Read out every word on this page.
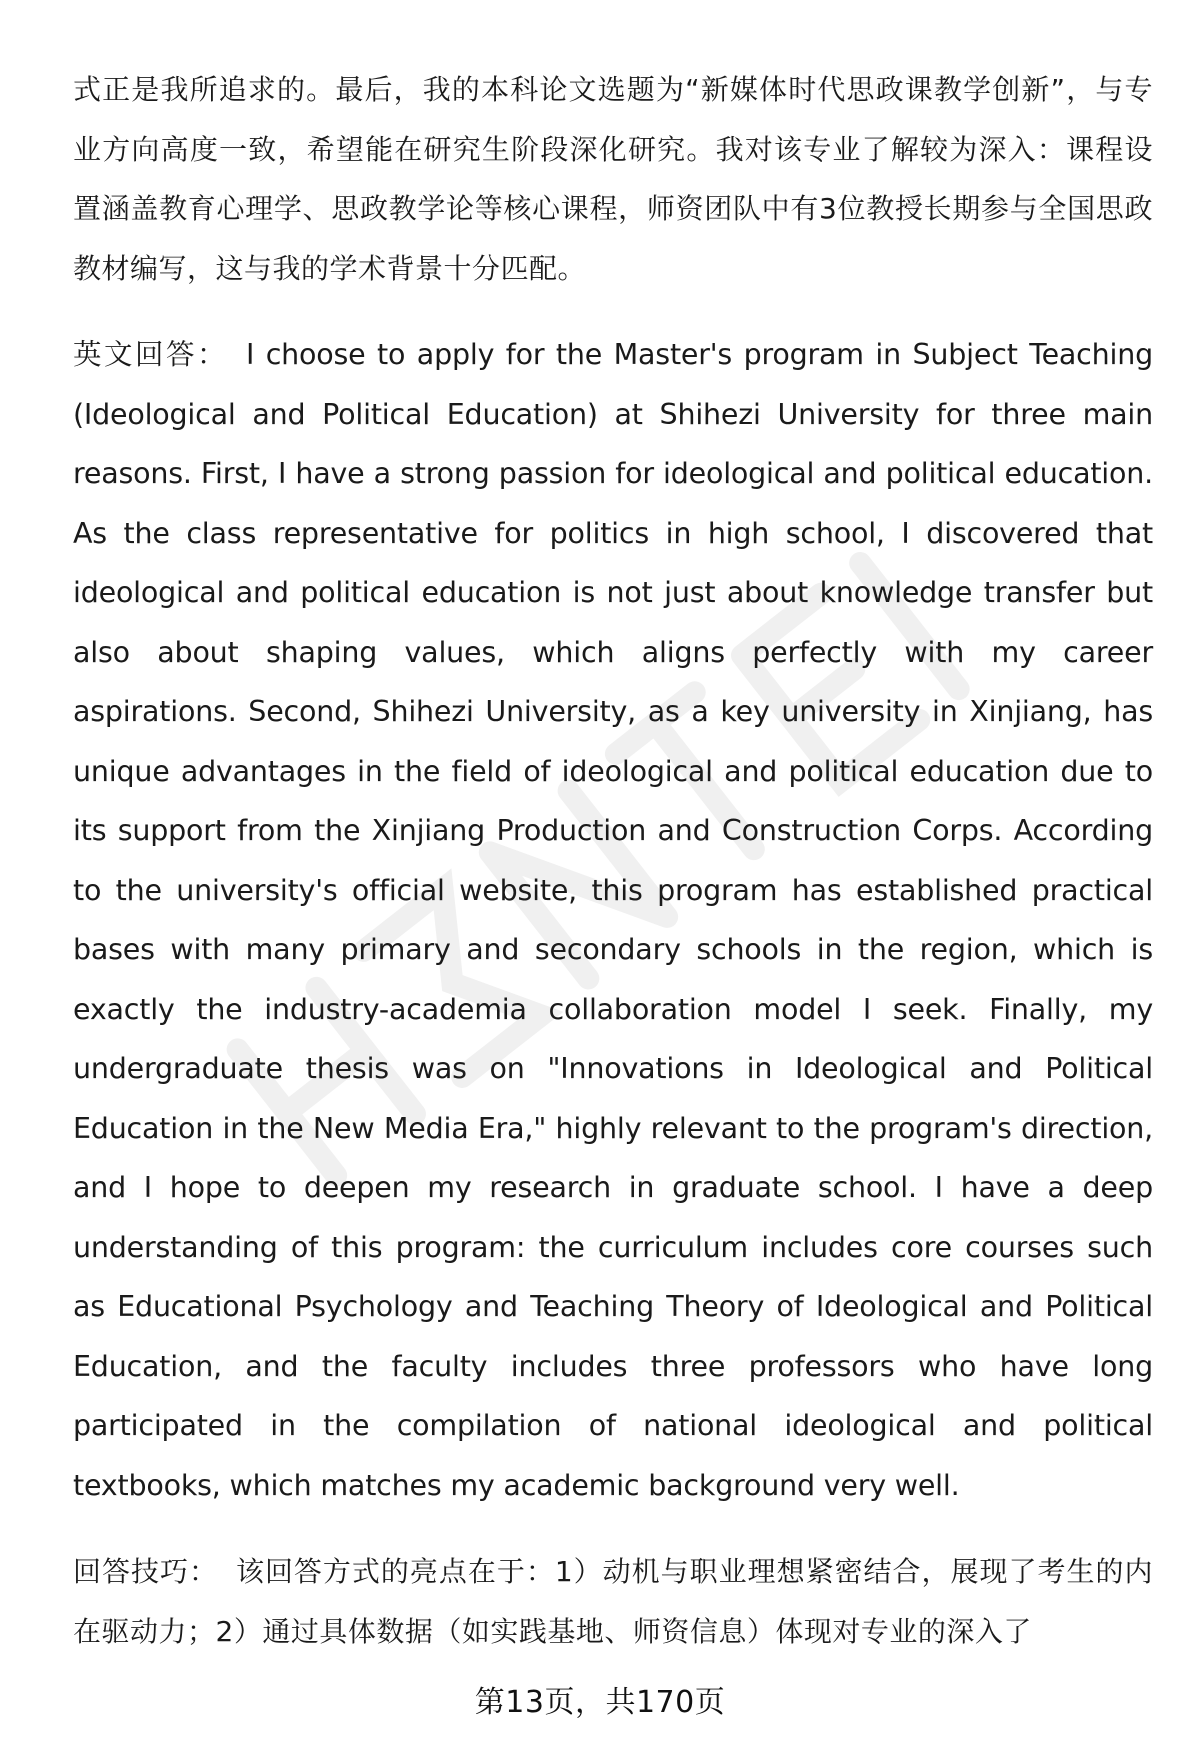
式正是我所追求的。最后，我的本科论文选题为“新媒体时代思政课教学创新”，与专业方向高度一致，希望能在研究生阶段深化研究。我对该专业了解较为深入：课程设置涵盖教育心理学、思政教学论等核心课程，师资团队中有3位教授长期参与全国思政教材编写，这与我的学术背景十分匹配。

英文回答： I choose to apply for the Master's program in Subject Teaching (Ideological and Political Education) at Shihezi University for three main reasons. First, I have a strong passion for ideological and political education. As the class representative for politics in high school, I discovered that ideological and political education is not just about knowledge transfer but also about shaping values, which aligns perfectly with my career aspirations. Second, Shihezi University, as a key university in Xinjiang, has unique advantages in the field of ideological and political education due to its support from the Xinjiang Production and Construction Corps. According to the university's official website, this program has established practical bases with many primary and secondary schools in the region, which is exactly the industry-academia collaboration model I seek. Finally, my undergraduate thesis was on "Innovations in Ideological and Political Education in the New Media Era," highly relevant to the program's direction, and I hope to deepen my research in graduate school. I have a deep understanding of this program: the curriculum includes core courses such as Educational Psychology and Teaching Theory of Ideological and Political Education, and the faculty includes three professors who have long participated in the compilation of national ideological and political textbooks, which matches my academic background very well.

回答技巧： 该回答方式的亮点在于：1）动机与职业理想紧密结合，展现了考生的内在驱动力；2）通过具体数据（如实践基地、师资信息）体现对专业的深入了

第13页，共170页
